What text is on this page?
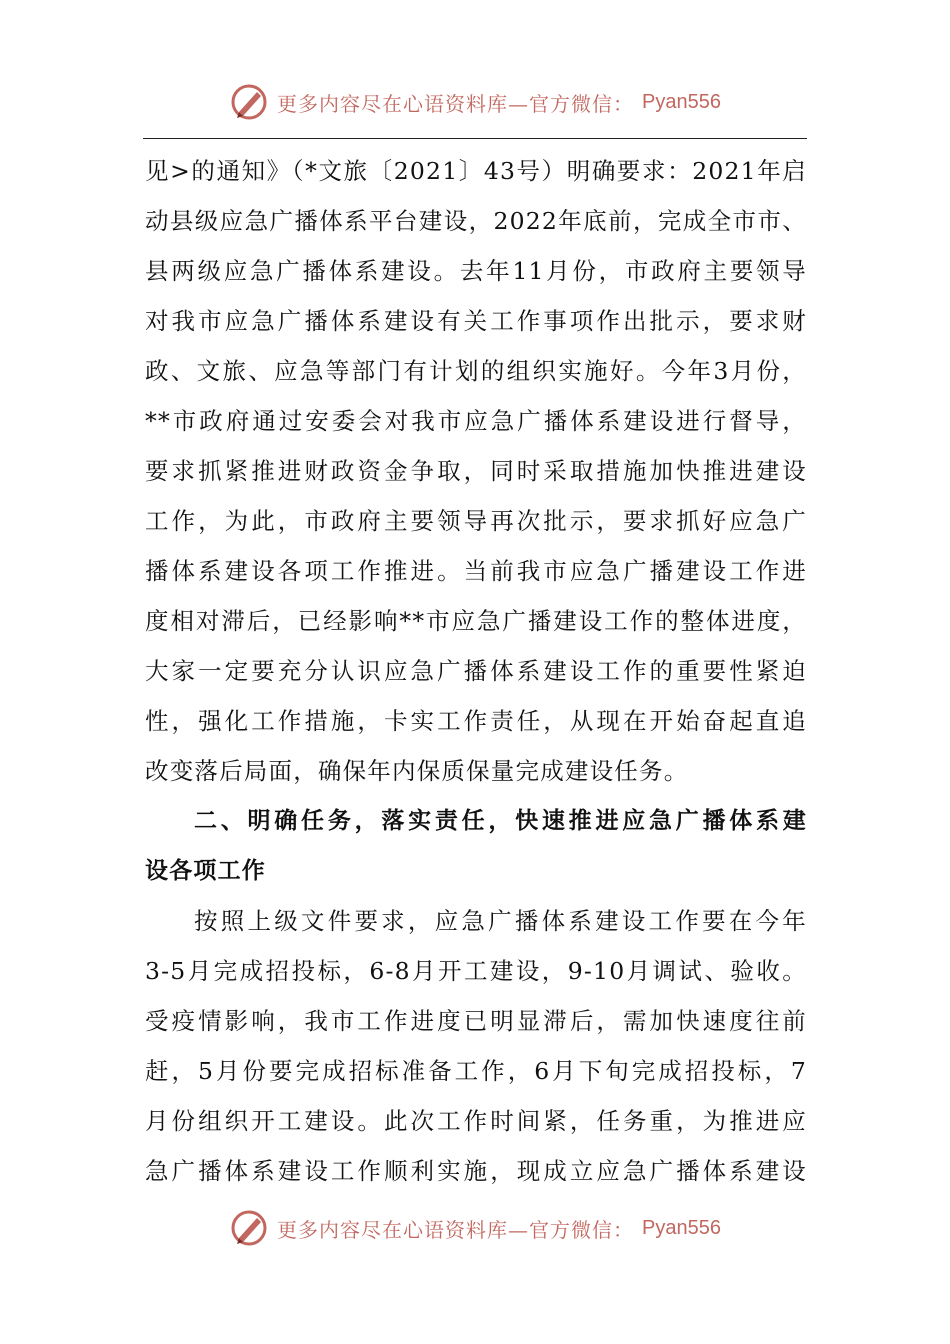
更多内容尽在心语资料库—官方微信： Pyan556
见>的通知》（*文旅〔2021〕43号）明确要求：2021年启
动县级应急广播体系平台建设，2022年底前，完成全市市、
县两级应急广播体系建设。去年11月份，市政府主要领导
对我市应急广播体系建设有关工作事项作出批示，要求财
政、文旅、应急等部门有计划的组织实施好。今年3月份，
**市政府通过安委会对我市应急广播体系建设进行督导，
要求抓紧推进财政资金争取，同时采取措施加快推进建设
工作，为此，市政府主要领导再次批示，要求抓好应急广
播体系建设各项工作推进。当前我市应急广播建设工作进
度相对滞后，已经影响**市应急广播建设工作的整体进度，
大家一定要充分认识应急广播体系建设工作的重要性紧迫
性，强化工作措施，卡实工作责任，从现在开始奋起直追
改变落后局面，确保年内保质保量完成建设任务。
二、明确任务，落实责任，快速推进应急广播体系建
设各项工作
按照上级文件要求，应急广播体系建设工作要在今年
3-5月完成招投标，6-8月开工建设，9-10月调试、验收。
受疫情影响，我市工作进度已明显滞后，需加快速度往前
赶，5月份要完成招标准备工作，6月下旬完成招投标，7
月份组织开工建设。此次工作时间紧，任务重，为推进应
急广播体系建设工作顺利实施，现成立应急广播体系建设
更多内容尽在心语资料库—官方微信： Pyan556
